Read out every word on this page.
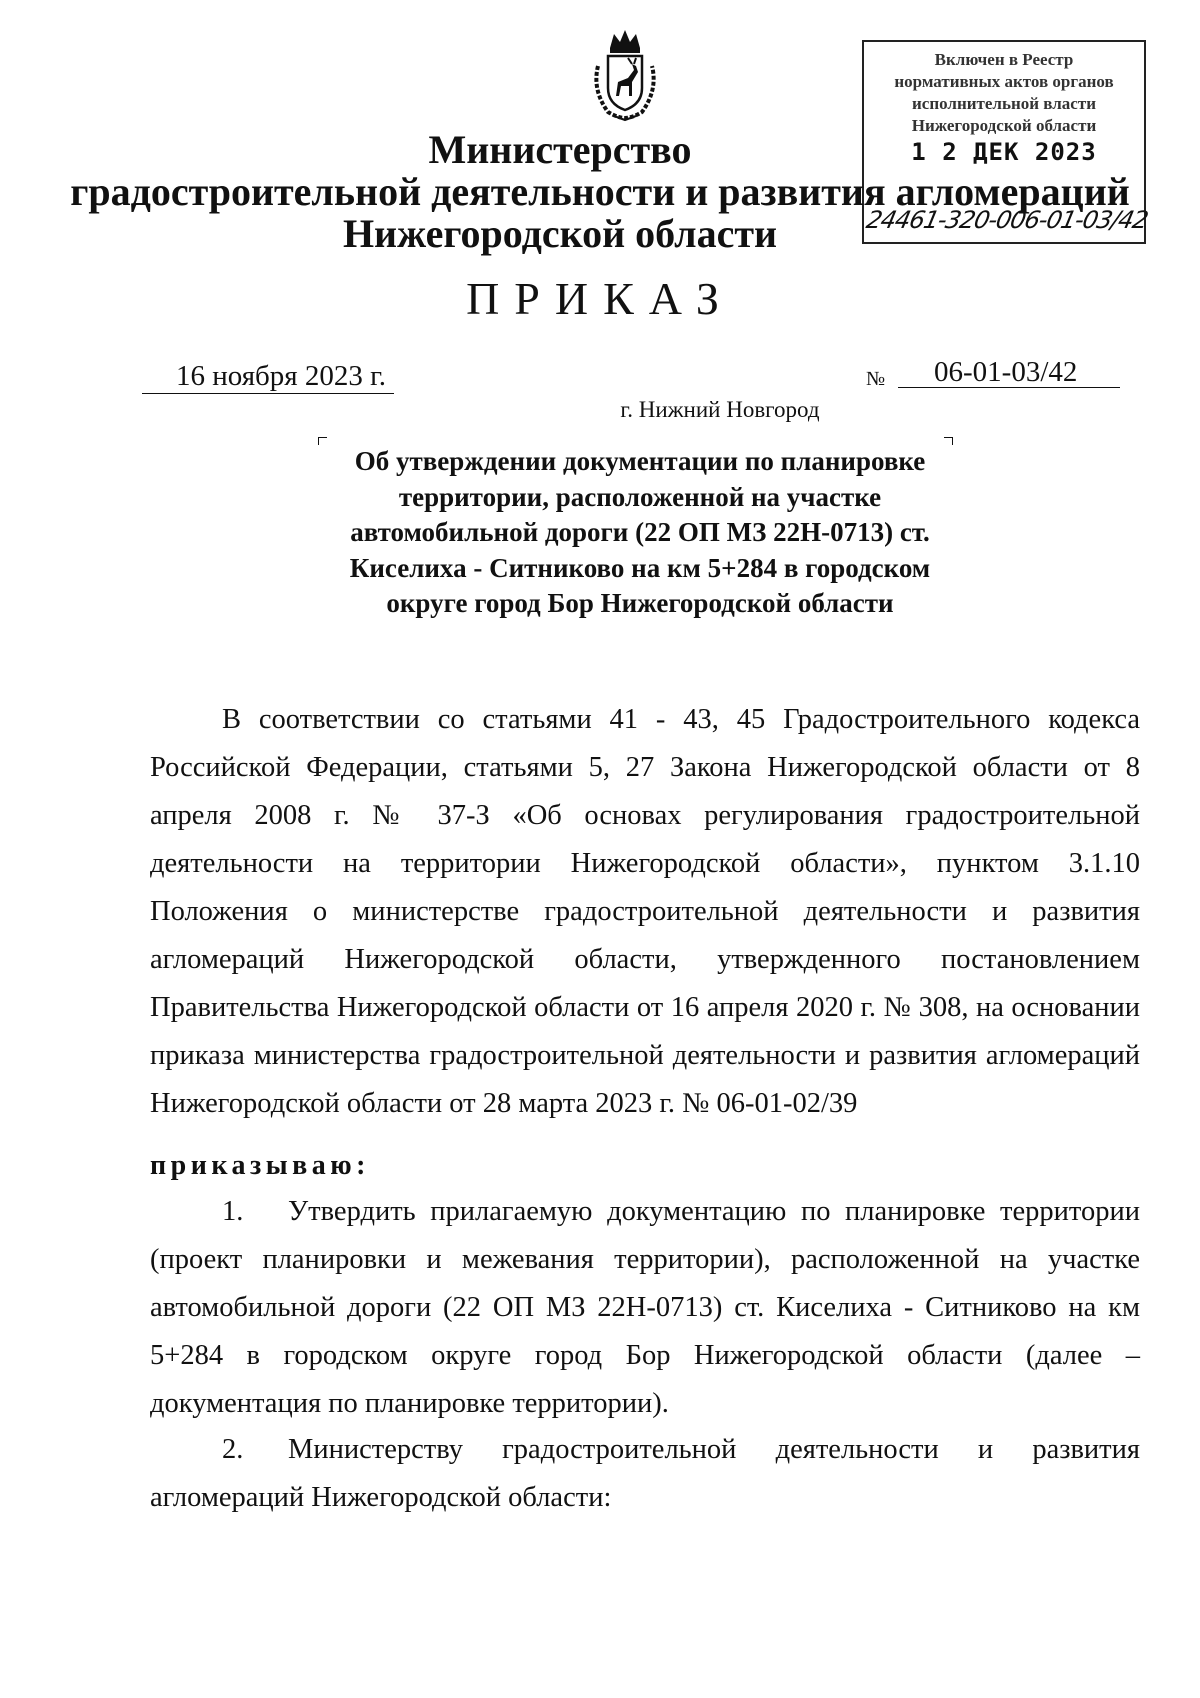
Включен в Реестр
нормативных актов органов
исполнительной власти
Нижегородской области
1 2 ДЕК 2023
24461-320-006-01-03/42
Министерство
градостроительной деятельности и развития агломераций
Нижегородской области
ПРИКАЗ
16 ноября 2023 г.	№ 06-01-03/42
г. Нижний Новгород
Об утверждении документации по планировке территории, расположенной на участке автомобильной дороги (22 ОП МЗ 22Н-0713) ст. Киселиха - Ситниково на км 5+284 в городском округе город Бор Нижегородской области
В соответствии со статьями 41 - 43, 45 Градостроительного кодекса Российской Федерации, статьями 5, 27 Закона Нижегородской области от 8 апреля 2008 г. № 37-З «Об основах регулирования градостроительной деятельности на территории Нижегородской области», пунктом 3.1.10 Положения о министерстве градостроительной деятельности и развития агломераций Нижегородской области, утвержденного постановлением Правительства Нижегородской области от 16 апреля 2020 г. № 308, на основании приказа министерства градостроительной деятельности и развития агломераций Нижегородской области от 28 марта 2023 г. № 06-01-02/39
приказываю:
1. Утвердить прилагаемую документацию по планировке территории (проект планировки и межевания территории), расположенной на участке автомобильной дороги (22 ОП МЗ 22Н-0713) ст. Киселиха - Ситниково на км 5+284 в городском округе город Бор Нижегородской области (далее – документация по планировке территории).
2. Министерству градостроительной деятельности и развития агломераций Нижегородской области:
